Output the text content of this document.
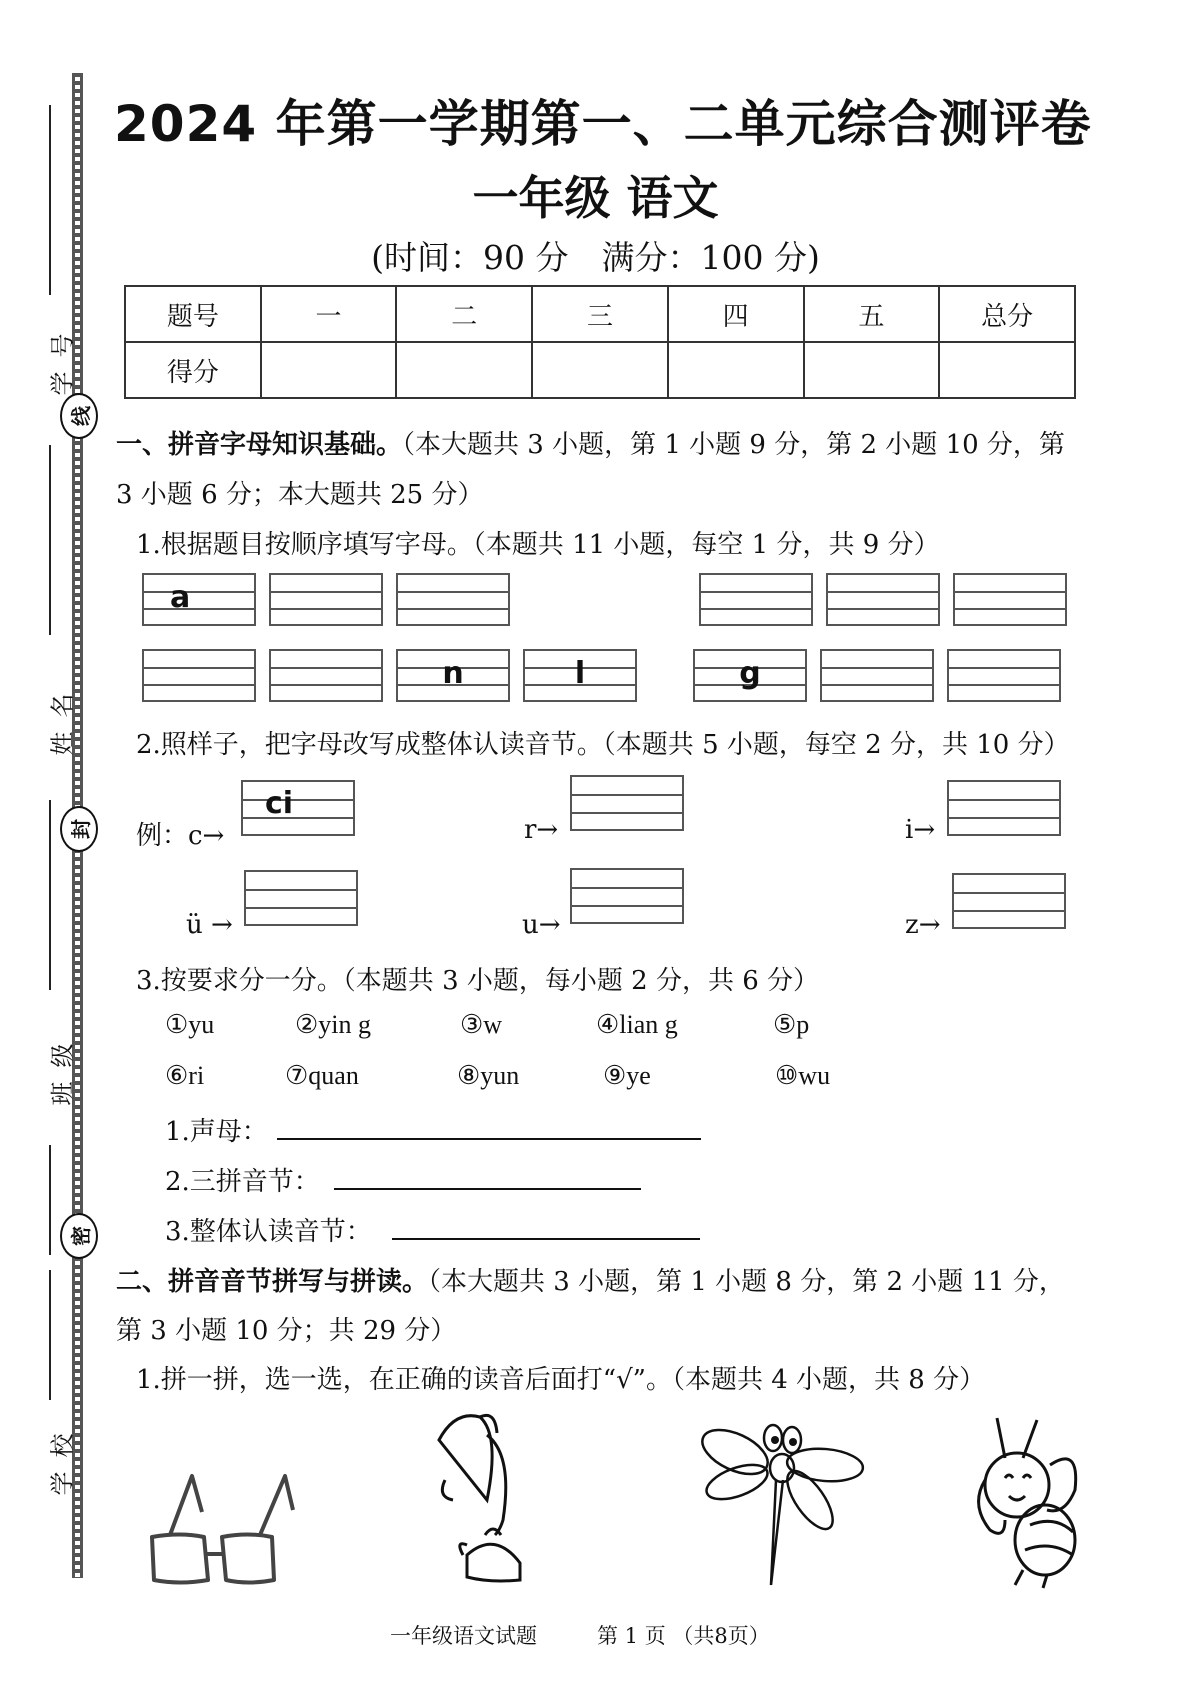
学号
线
姓名
封
班级
密
学校
2024 年第一学期第一、二单元综合测评卷
一年级 语文
(时间：90 分　满分：100 分)
题号	一	二	三	四	五	总分
得分						
一、拼音字母知识基础。（本大题共 3 小题，第 1 小题 9 分，第 2 小题 10 分，第
3 小题 6 分；本大题共 25 分）
1.根据题目按顺序填写字母。（本题共 11 小题，每空 1 分，共 9 分）
a
n	l	g
2.照样子，把字母改写成整体认读音节。（本题共 5 小题，每空 2 分，共 10 分）
例：c→
ci
r→	i→
ü →	u→	z→
3.按要求分一分。（本题共 3 小题，每小题 2 分，共 6 分）
①yu	②yin g	③w	④lian g	⑤p
⑥ri	⑦quan	⑧yun	⑨ye	⑩wu
1.声母：
2.三拼音节：
3.整体认读音节：
二、拼音音节拼写与拼读。（本大题共 3 小题，第 1 小题 8 分，第 2 小题 11 分，
第 3 小题 10 分；共 29 分）
1.拼一拼，选一选，在正确的读音后面打“√”。（本题共 4 小题，共 8 分）
一年级语文试题	第 1 页 （共8页）
